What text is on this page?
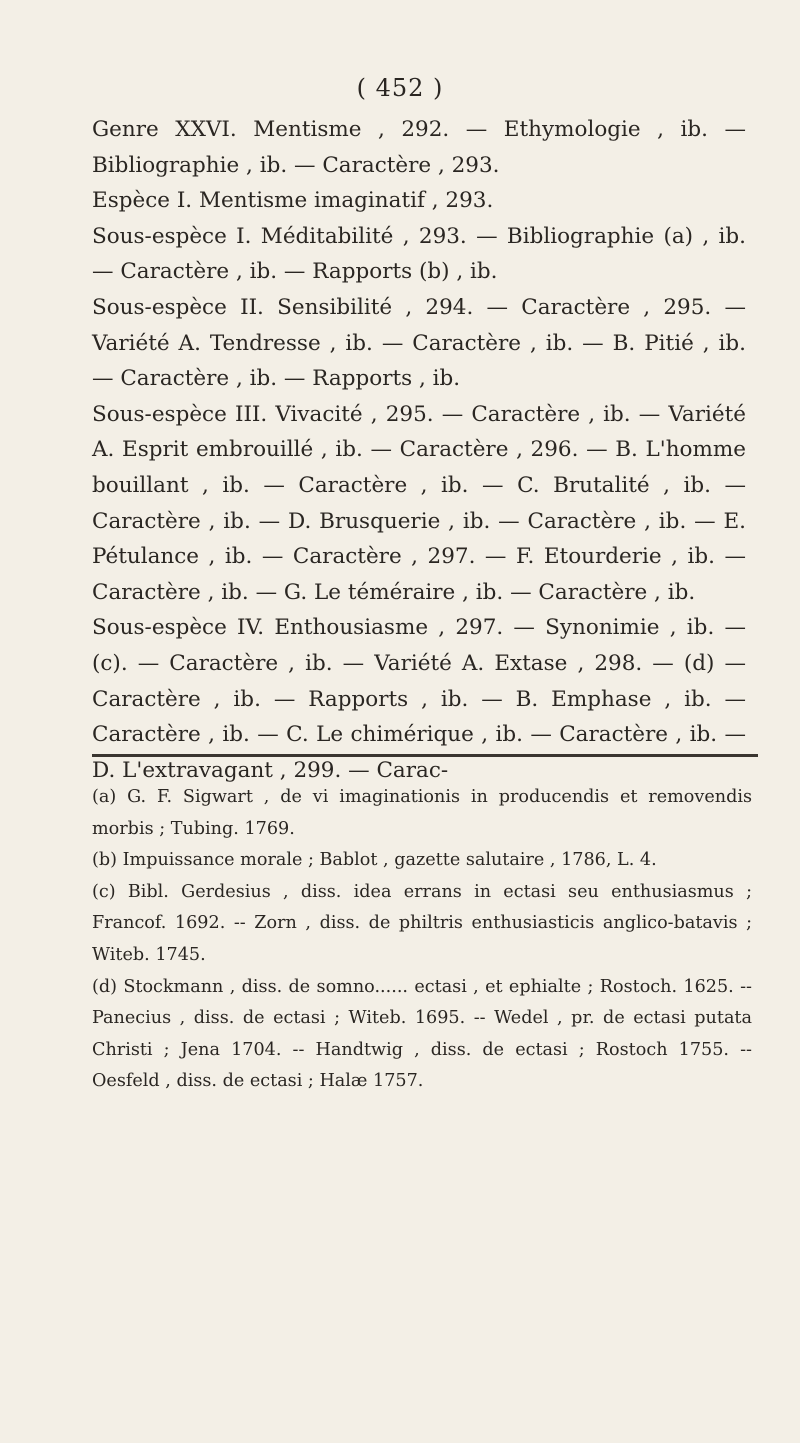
( 452 )

Genre XXVI. Mentisme , 292. — Ethymologie , ib. — Bibliographie , ib. — Caractère , 293.

Espèce I. Mentisme imaginatif , 293.

Sous-espèce I. Méditabilité , 293. — Bibliographie (a) , ib. — Caractère , ib. — Rapports (b) , ib.

Sous-espèce II. Sensibilité , 294. — Caractère , 295. — Variété A. Tendresse , ib. — Caractère , ib. — B. Pitié , ib. — Caractère , ib. — Rapports , ib.

Sous-espèce III. Vivacité , 295. — Caractère , ib. — Variété A. Esprit embrouillé , ib. — Caractère , 296. — B. L'homme bouillant , ib. — Caractère , ib. — C. Brutalité , ib. — Caractère , ib. — D. Brusquerie , ib. — Caractère , ib. — E. Pétulance , ib. — Caractère , 297. — F. Etourderie , ib. — Caractère , ib. — G. Le téméraire , ib. — Caractère , ib.

Sous-espèce IV. Enthousiasme , 297. — Synonimie , ib. — (c). — Caractère , ib. — Variété A. Extase , 298. — (d) — Caractère , ib. — Rapports , ib. — B. Emphase , ib. — Caractère , ib. — C. Le chimérique , ib. — Caractère , ib. — D. L'extravagant , 299. — Carac-

(a) G. F. Sigwart , de vi imaginationis in producendis et removendis morbis ; Tubing. 1769.

(b) Impuissance morale ; Bablot , gazette salutaire , 1786, L. 4.

(c) Bibl. Gerdesius , diss. idea errans in ectasi seu enthusiasmus ; Francof. 1692. -- Zorn , diss. de philtris enthusiasticis anglico-batavis ; Witeb. 1745.

(d) Stockmann , diss. de somno...... ectasi , et ephialte ; Rostoch. 1625. -- Panecius , diss. de ectasi ; Witeb. 1695. -- Wedel , pr. de ectasi putata Christi ; Jena 1704. -- Handtwig , diss. de ectasi ; Rostoch 1755. -- Oesfeld , diss. de ectasi ; Halæ 1757.
